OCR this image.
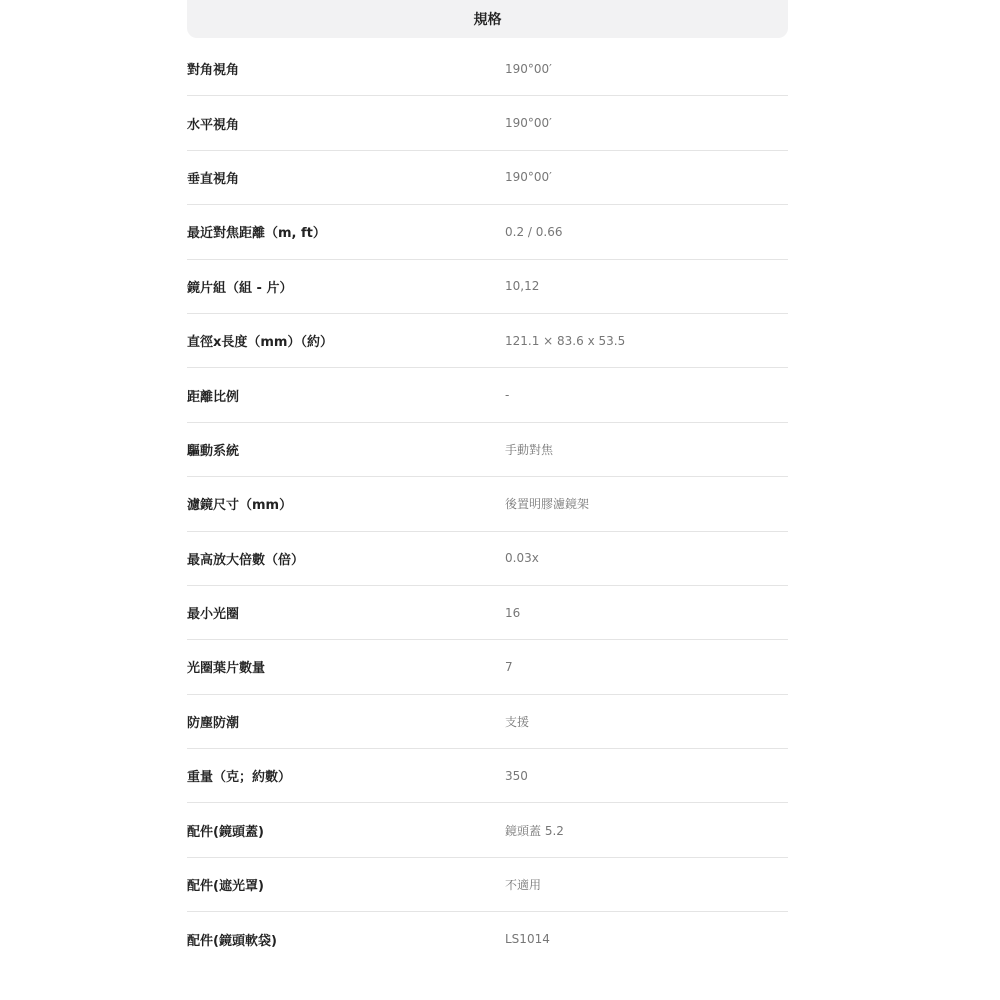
規格
對角視角	190°00′
水平視角	190°00′
垂直視角	190°00′
最近對焦距離（m, ft）	0.2 / 0.66
鏡片組（組 - 片）	10,12
直徑x長度（mm）（約）	121.1 × 83.6 x 53.5
距離比例	-
驅動系統	手動對焦
濾鏡尺寸（mm）	後置明膠濾鏡架
最高放大倍數（倍）	0.03x
最小光圈	16
光圈葉片數量	7
防塵防潮	支援
重量（克；約數）	350
配件(鏡頭蓋)	鏡頭蓋 5.2
配件(遮光罩)	不適用
配件(鏡頭軟袋)	LS1014
